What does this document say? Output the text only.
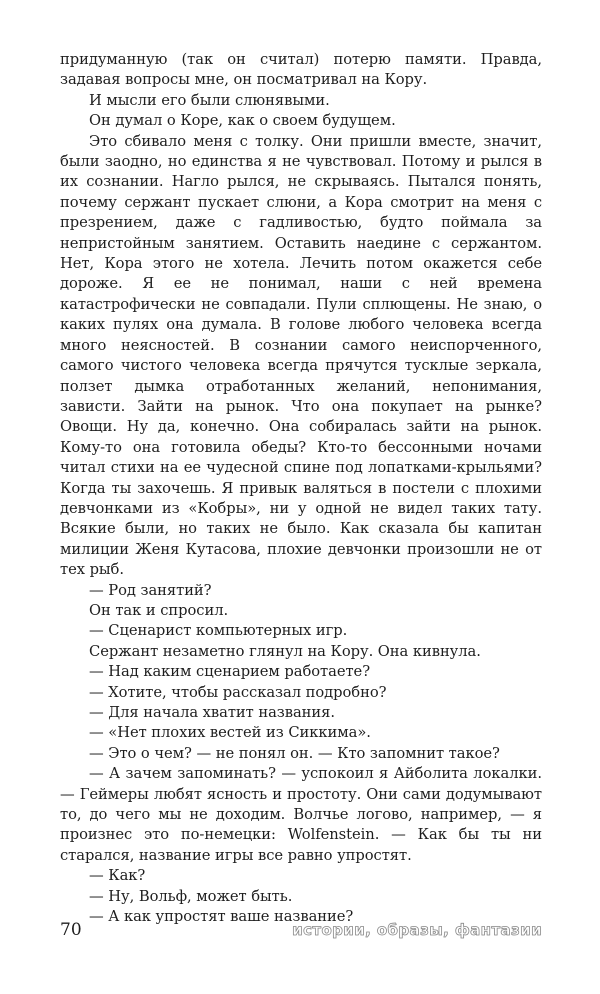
придуманную (так он считал) потерю памяти. Правда, задавая вопросы мне, он посматривал на Кору.

И мысли его были слюнявыми.

Он думал о Коре, как о своем будущем.

Это сбивало меня с толку. Они пришли вместе, значит, были заодно, но единства я не чувствовал. Потому и рылся в их сознании. Нагло рылся, не скрываясь. Пытался понять, почему сержант пускает слюни, а Кора смотрит на меня с презрением, даже с гадливостью, будто поймала за непристойным занятием. Оставить наедине с сержантом. Нет, Кора этого не хотела. Лечить потом окажется себе дороже. Я ее не понимал, наши с ней времена катастрофически не совпадали. Пули сплющены. Не знаю, о каких пулях она думала. В голове любого человека всегда много неясностей. В сознании самого неиспорченного, самого чистого человека всегда прячутся тусклые зеркала, ползет дымка отработанных желаний, непонимания, зависти. Зайти на рынок. Что она покупает на рынке? Овощи. Ну да, конечно. Она собиралась зайти на рынок. Кому-то она готовила обеды? Кто-то бессонными ночами читал стихи на ее чудесной спине под лопатками-крыльями? Когда ты захочешь. Я привык валяться в постели с плохими девчонками из «Кобры», ни у одной не видел таких тату. Всякие были, но таких не было. Как сказала бы капитан милиции Женя Кутасова, плохие девчонки произошли не от тех рыб.

— Род занятий?

Он так и спросил.

— Сценарист компьютерных игр.

Сержант незаметно глянул на Кору. Она кивнула.

— Над каким сценарием работаете?

— Хотите, чтобы рассказал подробно?

— Для начала хватит названия.

— «Нет плохих вестей из Сиккима».

— Это о чем? — не понял он. — Кто запомнит такое?

— А зачем запоминать? — успокоил я Айболита локалки. — Геймеры любят ясность и простоту. Они сами додумывают то, до чего мы не доходим. Волчье логово, например, — я произнес это по-немецки: Wolfenstein. — Как бы ты ни старался, название игры все равно упростят.

— Как?

— Ну, Вольф, может быть.

— А как упростят ваше название?

70	истории, образы, фантазии
